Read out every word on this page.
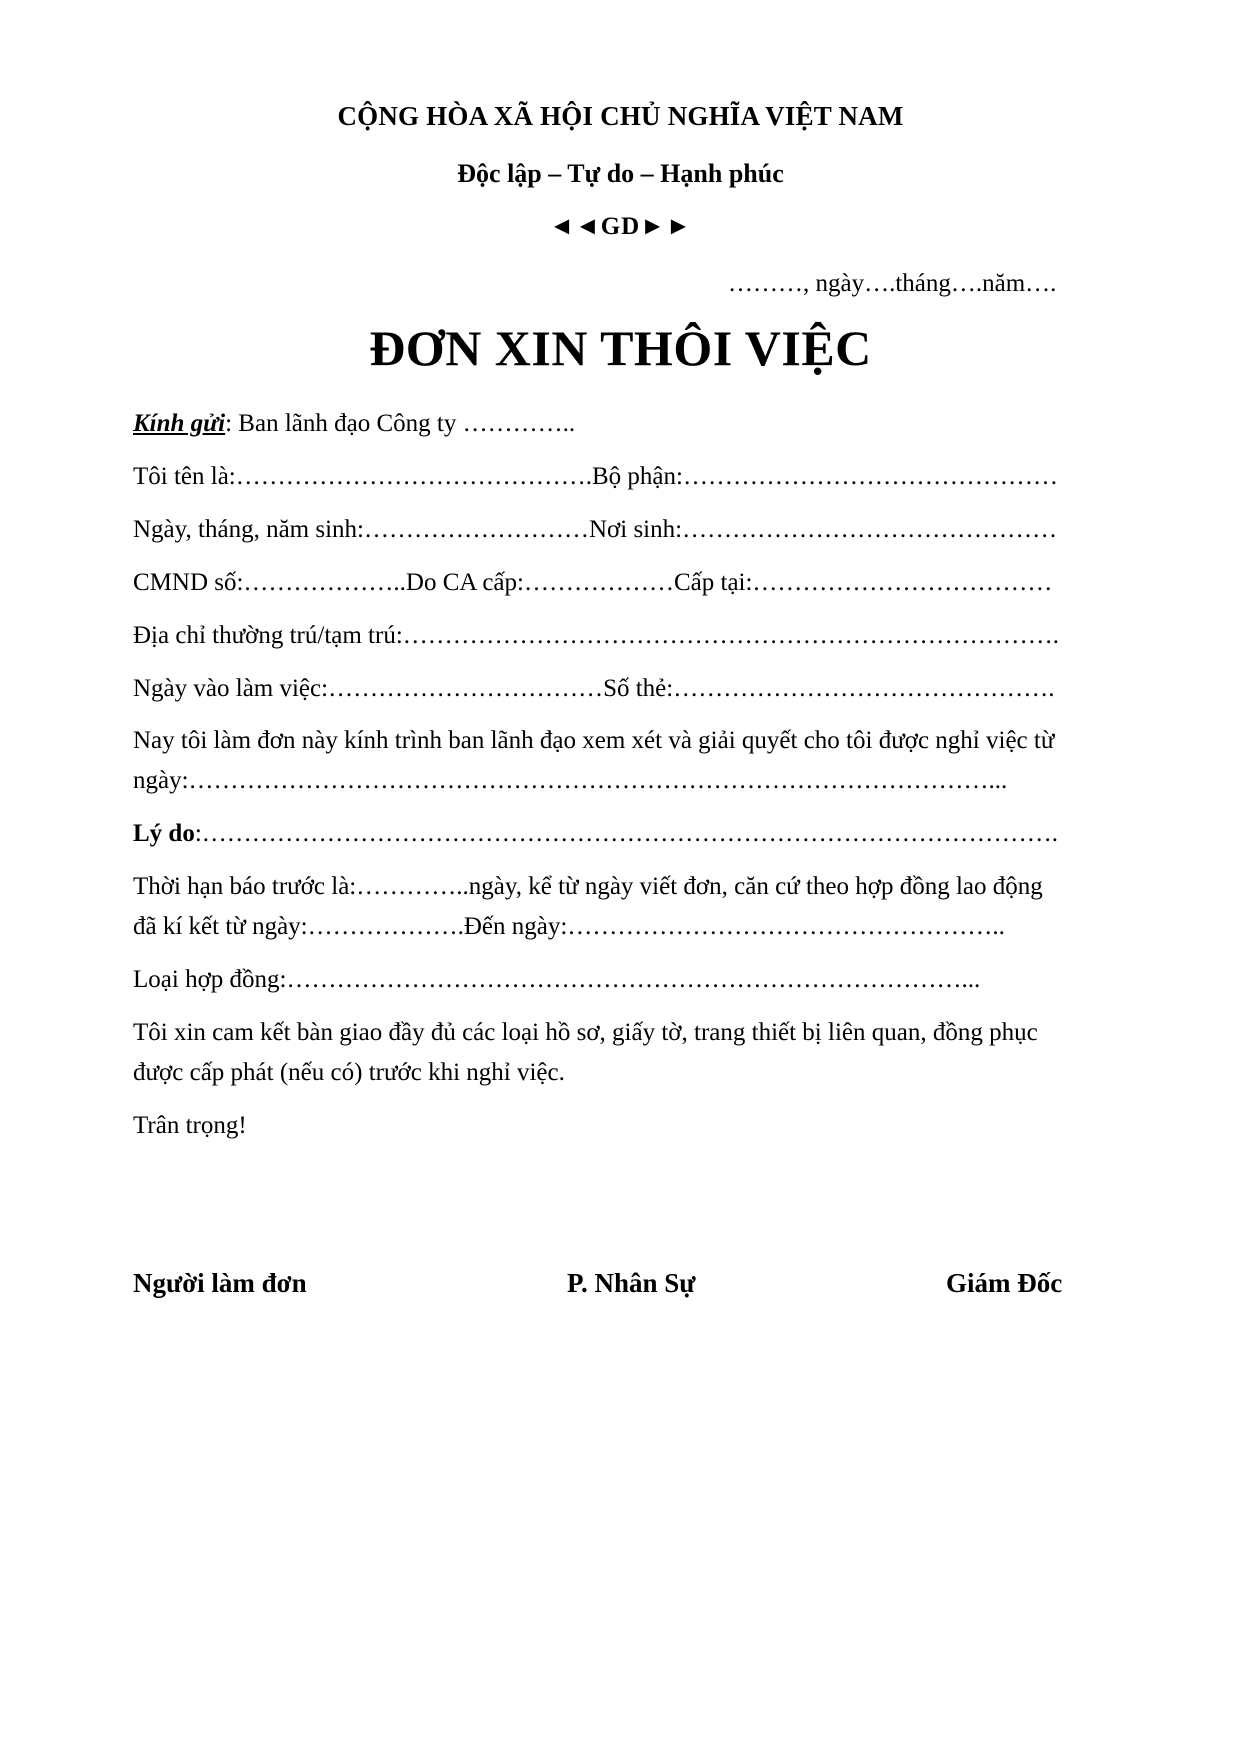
CỘNG HÒA XÃ HỘI CHỦ NGHĨA VIỆT NAM
Độc lập – Tự do – Hạnh phúc
◄◄GD►►
………, ngày….tháng….năm….
ĐƠN XIN THÔI VIỆC
Kính gửi: Ban lãnh đạo Công ty …………..
Tôi tên là:…………………………………….Bộ phận:………………………………………
Ngày, tháng, năm sinh:………………………Nơi sinh:………………………………………
CMND số:………………..Do CA cấp:………………Cấp tại:………………………………
Địa chỉ thường trú/tạm trú:…………………………………………………………………….
Ngày vào làm việc:……………………………Số thẻ:……………………………………….
Nay tôi làm đơn này kính trình ban lãnh đạo xem xét và giải quyết cho tôi được nghỉ việc từ
ngày:……………………………………………………………………………………...
Lý do:………………………………………………………………………………………….
Thời hạn báo trước là:…………..ngày, kể từ ngày viết đơn, căn cứ theo hợp đồng lao động
đã kí kết từ ngày:……………….Đến ngày:……………………………………………..
Loại hợp đồng:………………………………………………………………………...
Tôi xin cam kết bàn giao đầy đủ các loại hồ sơ, giấy tờ, trang thiết bị liên quan, đồng phục
được cấp phát (nếu có) trước khi nghỉ việc.
Trân trọng!
Người làm đơn	P. Nhân Sự	Giám Đốc
